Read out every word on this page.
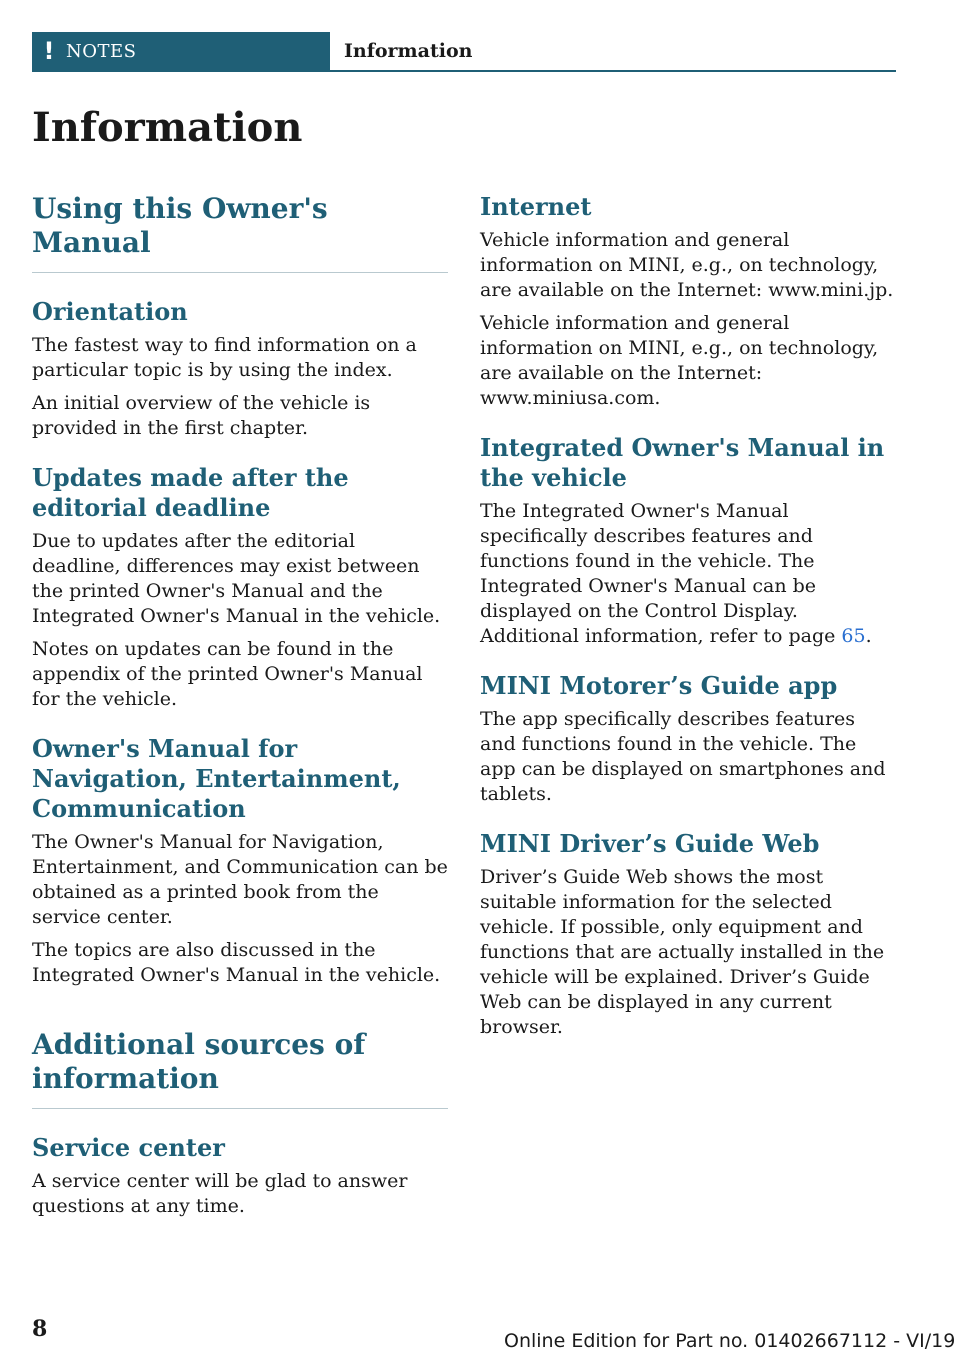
! NOTES	Information
Information
Using this Owner's Manual
Orientation

The fastest way to find information on a particular topic is by using the index.

An initial overview of the vehicle is provided in the first chapter.

Updates made after the editorial deadline

Due to updates after the editorial deadline, differences may exist between the printed Owner's Manual and the Integrated Owner's Manual in the vehicle.

Notes on updates can be found in the appendix of the printed Owner's Manual for the vehicle.

Owner's Manual for Navigation, Entertainment, Communication

The Owner's Manual for Navigation, Entertainment, and Communication can be obtained as a printed book from the service center.

The topics are also discussed in the Integrated Owner's Manual in the vehicle.

Additional sources of information
Service center

A service center will be glad to answer questions at any time.

Internet

Vehicle information and general information on MINI, e.g., on technology, are available on the Internet: www.mini.jp.

Vehicle information and general information on MINI, e.g., on technology, are available on the Internet: www.miniusa.com.

Integrated Owner's Manual in the vehicle

The Integrated Owner's Manual specifically describes features and functions found in the vehicle. The Integrated Owner's Manual can be displayed on the Control Display. Additional information, refer to page 65.

MINI Motorer’s Guide app

The app specifically describes features and functions found in the vehicle. The app can be displayed on smartphones and tablets.

MINI Driver’s Guide Web

Driver’s Guide Web shows the most suitable information for the selected vehicle. If possible, only equipment and functions that are actually installed in the vehicle will be explained. Driver’s Guide Web can be displayed in any current browser.

8	Online Edition for Part no. 01402667112 - VI/19
